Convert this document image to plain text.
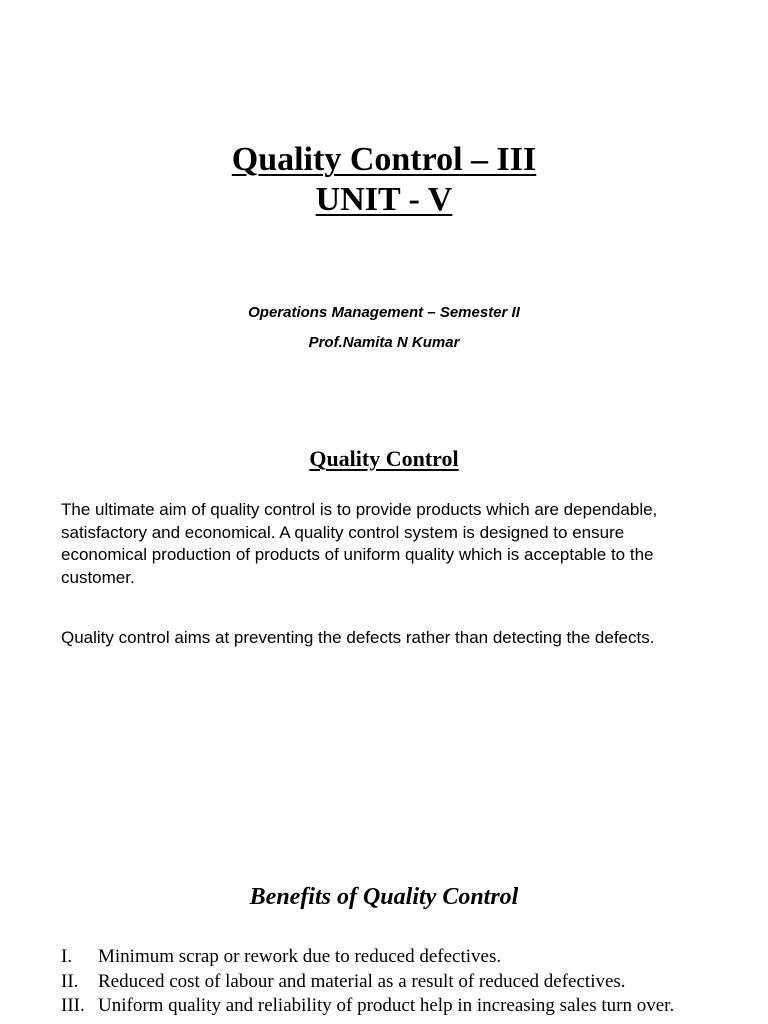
Quality Control – III
UNIT - V
Operations Management – Semester II
Prof.Namita N Kumar
Quality Control

The ultimate aim of quality control is to provide products which are dependable, satisfactory and economical. A quality control system is designed to ensure economical production of products of uniform quality which is acceptable to the customer.

Quality control aims at preventing the defects rather than detecting the defects.

Benefits of Quality Control
I. Minimum scrap or rework due to reduced defectives.
II. Reduced cost of labour and material as a result of reduced defectives.
III. Uniform quality and reliability of product help in increasing sales turn over.
